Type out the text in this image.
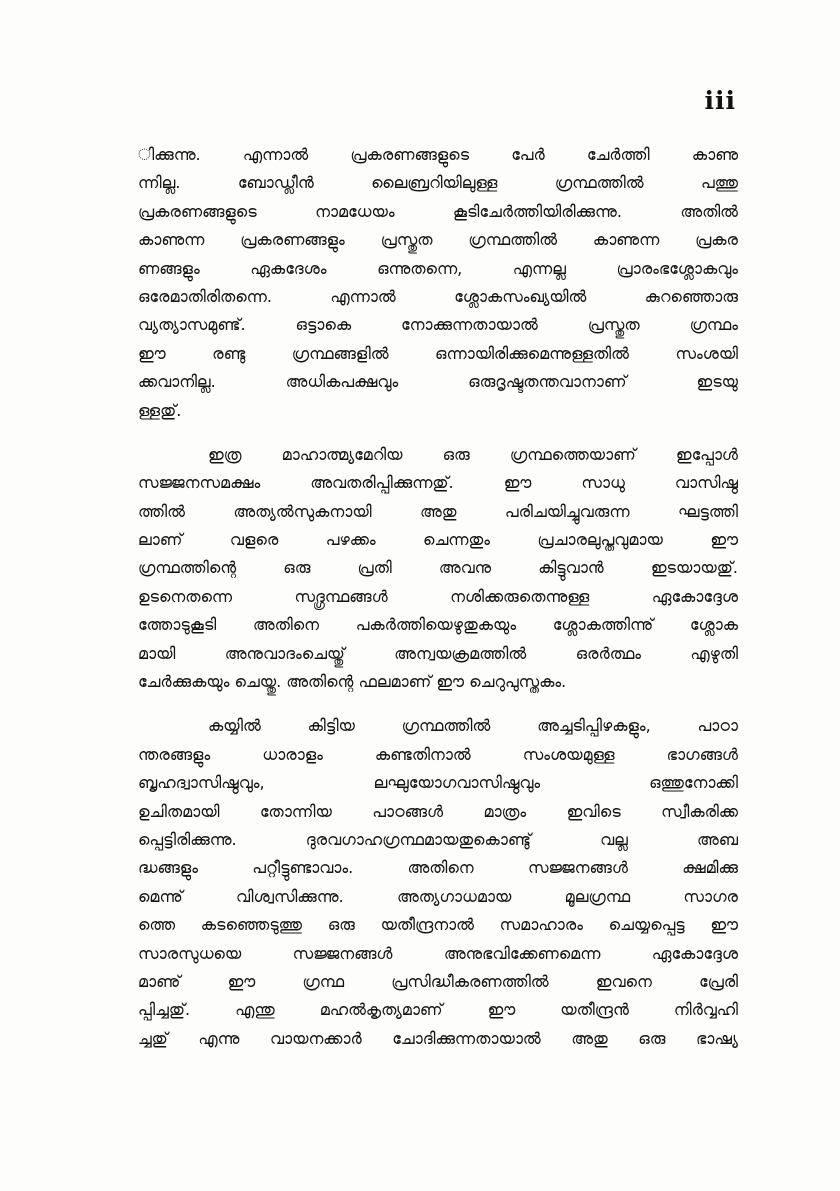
iii

ിക്കുന്നു. എന്നാൽ പ്രകരണങ്ങളുടെ പേർ ചേർത്തി കാണു
ന്നില്ല. ബോഡ്ലീൻ ലൈബ്രറിയിലുള്ള ഗ്രന്ഥത്തിൽ പത്തു
പ്രകരണങ്ങളുടെ നാമധേയം കൂടിചേർത്തിയിരിക്കുന്നു. അതിൽ
കാണുന്ന പ്രകരണങ്ങളും പ്രസ്തുത ഗ്രന്ഥത്തിൽ കാണുന്ന പ്രകര
ണങ്ങളും ഏകദേശം ഒന്നുതന്നെ, എന്നല്ല പ്രാരംഭശ്ലോകവും
ഒരേമാതിരിതന്നെ. എന്നാൽ ശ്ലോകസംഖ്യയിൽ കുറഞ്ഞൊരു
വ്യത്യാസമുണ്ട്. ഒട്ടാകെ നോക്കുന്നതായാൽ പ്രസ്തുത ഗ്രന്ഥം
ഈ രണ്ടു ഗ്രന്ഥങ്ങളിൽ ഒന്നായിരിക്കുമെന്നുള്ളതിൽ സംശയി
ക്കവാനില്ല. അധികപക്ഷവും ഒരുദൃഷ്ടതന്തവാനാണ് ഇടയു
ള്ളതു്.

ഇത്ര മാഹാത്മ്യമേറിയ ഒരു ഗ്രന്ഥത്തെയാണ് ഇപ്പോൾ
സജ്ജനസമക്ഷം അവതരിപ്പിക്കുന്നതു്. ഈ സാധു വാസിഷ്ഠ
ത്തിൽ അത്യൽസുകനായി അതു പരിചയിച്ചുവരുന്ന ഘട്ടത്തി
ലാണ് വളരെ പഴക്കം ചെന്നതും പ്രചാരലുപ്തവുമായ ഈ
ഗ്രന്ഥത്തിന്റെ ഒരു പ്രതി അവനു കിട്ടുവാൻ ഇടയായതു്.
ഉടനെതന്നെ സദ്ഗ്രന്ഥങ്ങൾ നശിക്കരുതെന്നുള്ള ഏകോദ്ദേശ
ത്തോടുകൂടി അതിനെ പകർത്തിയെഴുതുകയും ശ്ലോകത്തിന്നു് ശ്ലോക
മായി അനുവാദംചെയ്തു് അന്വയക്രമത്തിൽ ഒരർത്ഥം എഴുതി
ചേർക്കുകയും ചെയ്തു. അതിന്റെ ഫലമാണ് ഈ ചെറുപുസ്തകം.

കയ്യിൽ കിട്ടിയ ഗ്രന്ഥത്തിൽ അച്ചടിപ്പിഴകളും, പാഠാ
ന്തരങ്ങളും ധാരാളം കണ്ടതിനാൽ സംശയമുള്ള ഭാഗങ്ങൾ
ബൃഹദ്വാസിഷ്ഠവും, ലഘുയോഗവാസിഷ്ഠവും ഒത്തുനോക്കി
ഉചിതമായി തോന്നിയ പാഠങ്ങൾ മാത്രം ഇവിടെ സ്വീകരിക്ക
പ്പെട്ടിരിക്കുന്നു. ദുരവഗാഹഗ്രന്ഥമായതുകൊണ്ടു് വല്ല അബ
ദ്ധങ്ങളും പറ്റീട്ടുണ്ടാവാം. അതിനെ സജ്ജനങ്ങൾ ക്ഷമിക്കു
മെന്നു് വിശ്വസിക്കുന്നു. അത്യഗാധമായ മൂലഗ്രന്ഥ സാഗര
ത്തെ കടഞ്ഞെടുത്തു ഒരു യതീന്ദ്രനാൽ സമാഹാരം ചെയ്യപ്പെട്ട ഈ
സാരസുധയെ സജ്ജനങ്ങൾ അനുഭവിക്കേണമെന്ന ഏകോദ്ദേശ
മാണു് ഈ ഗ്രന്ഥ പ്രസിദ്ധീകരണത്തിൽ ഇവനെ പ്രേരി
പ്പിച്ചതു്. എന്തു മഹൽകൃത്യമാണ് ഈ യതീന്ദ്രൻ നിർവ്വഹി
ച്ചതു് എന്നു വായനക്കാർ ചോദിക്കുന്നതായാൽ അതു ഒരു ഭാഷ്യ
